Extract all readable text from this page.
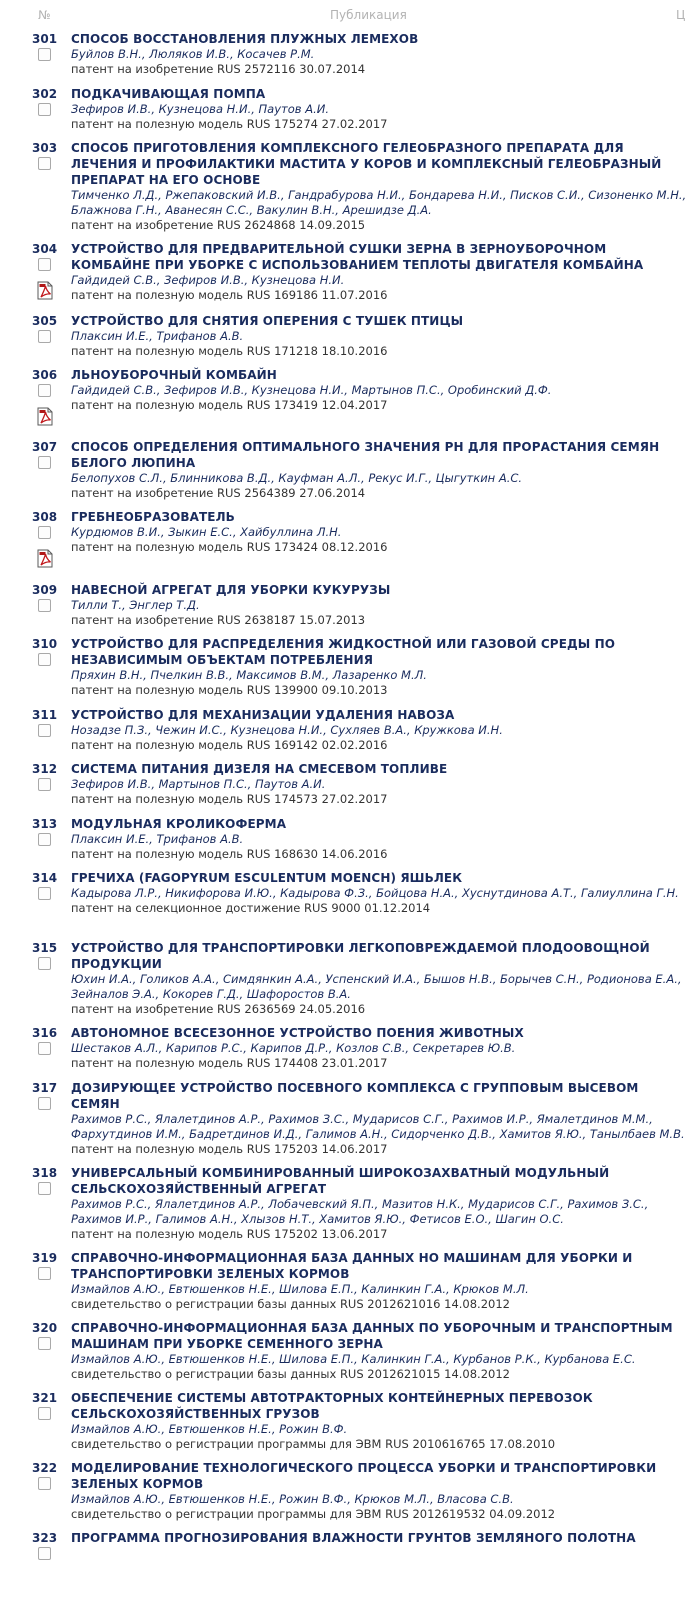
№	Публикация	Ц
301 СПОСОБ ВОССТАНОВЛЕНИЯ ПЛУЖНЫХ ЛЕМЕХОВ
Буйлов В.Н., Люляков И.В., Косачев Р.М.
патент на изобретение RUS 2572116 30.07.2014
302 ПОДКАЧИВАЮЩАЯ ПОМПА
Зефиров И.В., Кузнецова Н.И., Паутов А.И.
патент на полезную модель RUS 175274 27.02.2017
303 СПОСОБ ПРИГОТОВЛЕНИЯ КОМПЛЕКСНОГО ГЕЛЕОБРАЗНОГО ПРЕПАРАТА ДЛЯ ЛЕЧЕНИЯ И ПРОФИЛАКТИКИ МАСТИТА У КОРОВ И КОМПЛЕКСНЫЙ ГЕЛЕОБРАЗНЫЙ ПРЕПАРАТ НА ЕГО ОСНОВЕ
Тимченко Л.Д., Ржепаковский И.В., Гандрабурова Н.И., Бондарева Н.И., Писков С.И., Сизоненко М.Н., Блажнова Г.Н., Аванесян С.С., Вакулин В.Н., Арешидзе Д.А.
патент на изобретение RUS 2624868 14.09.2015
304 УСТРОЙСТВО ДЛЯ ПРЕДВАРИТЕЛЬНОЙ СУШКИ ЗЕРНА В ЗЕРНОУБОРОЧНОМ КОМБАЙНЕ ПРИ УБОРКЕ С ИСПОЛЬЗОВАНИЕМ ТЕПЛОТЫ ДВИГАТЕЛЯ КОМБАЙНА
Гайдидей С.В., Зефиров И.В., Кузнецова Н.И.
патент на полезную модель RUS 169186 11.07.2016
305 УСТРОЙСТВО ДЛЯ СНЯТИЯ ОПЕРЕНИЯ С ТУШЕК ПТИЦЫ
Плаксин И.Е., Трифанов А.В.
патент на полезную модель RUS 171218 18.10.2016
306 ЛЬНОУБОРОЧНЫЙ КОМБАЙН
Гайдидей С.В., Зефиров И.В., Кузнецова Н.И., Мартынов П.С., Оробинский Д.Ф.
патент на полезную модель RUS 173419 12.04.2017
307 СПОСОБ ОПРЕДЕЛЕНИЯ ОПТИМАЛЬНОГО ЗНАЧЕНИЯ PH ДЛЯ ПРОРАСТАНИЯ СЕМЯН БЕЛОГО ЛЮПИНА
Белопухов С.Л., Блинникова В.Д., Кауфман А.Л., Рекус И.Г., Цыгуткин А.С.
патент на изобретение RUS 2564389 27.06.2014
308 ГРЕБНЕОБРАЗОВАТЕЛЬ
Курдюмов В.И., Зыкин Е.С., Хайбуллина Л.Н.
патент на полезную модель RUS 173424 08.12.2016
309 НАВЕСНОЙ АГРЕГАТ ДЛЯ УБОРКИ КУКУРУЗЫ
Тилли Т., Энглер Т.Д.
патент на изобретение RUS 2638187 15.07.2013
310 УСТРОЙСТВО ДЛЯ РАСПРЕДЕЛЕНИЯ ЖИДКОСТНОЙ ИЛИ ГАЗОВОЙ СРЕДЫ ПО НЕЗАВИСИМЫМ ОБЪЕКТАМ ПОТРЕБЛЕНИЯ
Пряхин В.Н., Пчелкин В.В., Максимов В.М., Лазаренко М.Л.
патент на полезную модель RUS 139900 09.10.2013
311 УСТРОЙСТВО ДЛЯ МЕХАНИЗАЦИИ УДАЛЕНИЯ НАВОЗА
Нозадзе П.З., Чежин И.С., Кузнецова Н.И., Сухляев В.А., Кружкова И.Н.
патент на полезную модель RUS 169142 02.02.2016
312 СИСТЕМА ПИТАНИЯ ДИЗЕЛЯ НА СМЕСЕВОМ ТОПЛИВЕ
Зефиров И.В., Мартынов П.С., Паутов А.И.
патент на полезную модель RUS 174573 27.02.2017
313 МОДУЛЬНАЯ КРОЛИКОФЕРМА
Плаксин И.Е., Трифанов А.В.
патент на полезную модель RUS 168630 14.06.2016
314 ГРЕЧИХА (FAGOPYRUM ESCULENTUM MOENCH) ЯШЬЛЕК
Кадырова Л.Р., Никифорова И.Ю., Кадырова Ф.З., Бойцова Н.А., Хуснутдинова А.Т., Галиуллина Г.Н.
патент на селекционное достижение RUS 9000 01.12.2014
315 УСТРОЙСТВО ДЛЯ ТРАНСПОРТИРОВКИ ЛЕГКОПОВРЕЖДАЕМОЙ ПЛОДООВОЩНОЙ ПРОДУКЦИИ
Юхин И.А., Голиков А.А., Симдянкин А.А., Успенский И.А., Бышов Н.В., Борычев С.Н., Родионова Е.А., Зейналов Э.А., Кокорев Г.Д., Шафоростов В.А.
патент на изобретение RUS 2636569 24.05.2016
316 АВТОНОМНОЕ ВСЕСЕЗОННОЕ УСТРОЙСТВО ПОЕНИЯ ЖИВОТНЫХ
Шестаков А.Л., Карипов Р.С., Карипов Д.Р., Козлов С.В., Секретарев Ю.В.
патент на полезную модель RUS 174408 23.01.2017
317 ДОЗИРУЮЩЕЕ УСТРОЙСТВО ПОСЕВНОГО КОМПЛЕКСА С ГРУППОВЫМ ВЫСЕВОМ СЕМЯН
Рахимов Р.С., Ялалетдинов А.Р., Рахимов З.С., Мударисов С.Г., Рахимов И.Р., Ямалетдинов М.М., Фархутдинов И.М., Бадретдинов И.Д., Галимов А.Н., Сидорченко Д.В., Хамитов Я.Ю., Танылбаев М.В.
патент на полезную модель RUS 175203 14.06.2017
318 УНИВЕРСАЛЬНЫЙ КОМБИНИРОВАННЫЙ ШИРОКОЗАХВАТНЫЙ МОДУЛЬНЫЙ СЕЛЬСКОХОЗЯЙСТВЕННЫЙ АГРЕГАТ
Рахимов Р.С., Ялалетдинов А.Р., Лобачевский Я.П., Мазитов Н.К., Мударисов С.Г., Рахимов З.С., Рахимов И.Р., Галимов А.Н., Хлызов Н.Т., Хамитов Я.Ю., Фетисов Е.О., Шагин О.С.
патент на полезную модель RUS 175202 13.06.2017
319 СПРАВОЧНО-ИНФОРМАЦИОННАЯ БАЗА ДАННЫХ НО МАШИНАМ ДЛЯ УБОРКИ И ТРАНСПОРТИРОВКИ ЗЕЛЕНЫХ КОРМОВ
Измайлов А.Ю., Евтюшенков Н.Е., Шилова Е.П., Калинкин Г.А., Крюков М.Л.
свидетельство о регистрации базы данных RUS 2012621016 14.08.2012
320 СПРАВОЧНО-ИНФОРМАЦИОННАЯ БАЗА ДАННЫХ ПО УБОРОЧНЫМ И ТРАНСПОРТНЫМ МАШИНАМ ПРИ УБОРКЕ СЕМЕННОГО ЗЕРНА
Измайлов А.Ю., Евтюшенков Н.Е., Шилова Е.П., Калинкин Г.А., Курбанов Р.К., Курбанова Е.С.
свидетельство о регистрации базы данных RUS 2012621015 14.08.2012
321 ОБЕСПЕЧЕНИЕ СИСТЕМЫ АВТОТРАКТОРНЫХ КОНТЕЙНЕРНЫХ ПЕРЕВОЗОК СЕЛЬСКОХОЗЯЙСТВЕННЫХ ГРУЗОВ
Измайлов А.Ю., Евтюшенков Н.Е., Рожин В.Ф.
свидетельство о регистрации программы для ЭВМ RUS 2010616765 17.08.2010
322 МОДЕЛИРОВАНИЕ ТЕХНОЛОГИЧЕСКОГО ПРОЦЕССА УБОРКИ И ТРАНСПОРТИРОВКИ ЗЕЛЕНЫХ КОРМОВ
Измайлов А.Ю., Евтюшенков Н.Е., Рожин В.Ф., Крюков М.Л., Власова С.В.
свидетельство о регистрации программы для ЭВМ RUS 2012619532 04.09.2012
323 ПРОГРАММА ПРОГНОЗИРОВАНИЯ ВЛАЖНОСТИ ГРУНТОВ ЗЕМЛЯНОГО ПОЛОТНА
